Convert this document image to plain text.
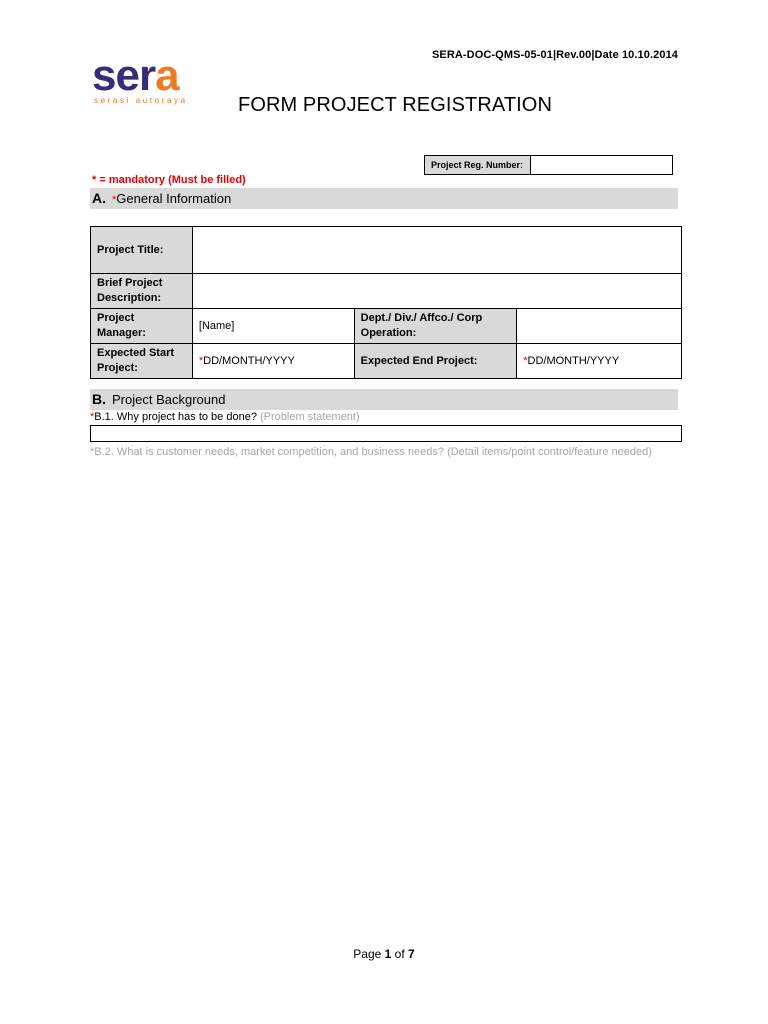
SERA-DOC-QMS-05-01|Rev.00|Date 10.10.2014
sera
serasi autoraya	FORM PROJECT REGISTRATION
Project Reg. Number:	
* = mandatory (Must be filled)
A. *General Information
Project Title:			
Brief Project Description:			
Project Manager:	[Name]	Dept./ Div./ Affco./ Corp Operation:	
Expected Start Project:	*DD/MONTH/YYYY	Expected End Project:	*DD/MONTH/YYYY
B. Project Background
*B.1. Why project has to be done? (Problem statement)
*B.2. What is customer needs, market competition, and business needs? (Detail items/point control/feature needed)
Page 1 of 7
